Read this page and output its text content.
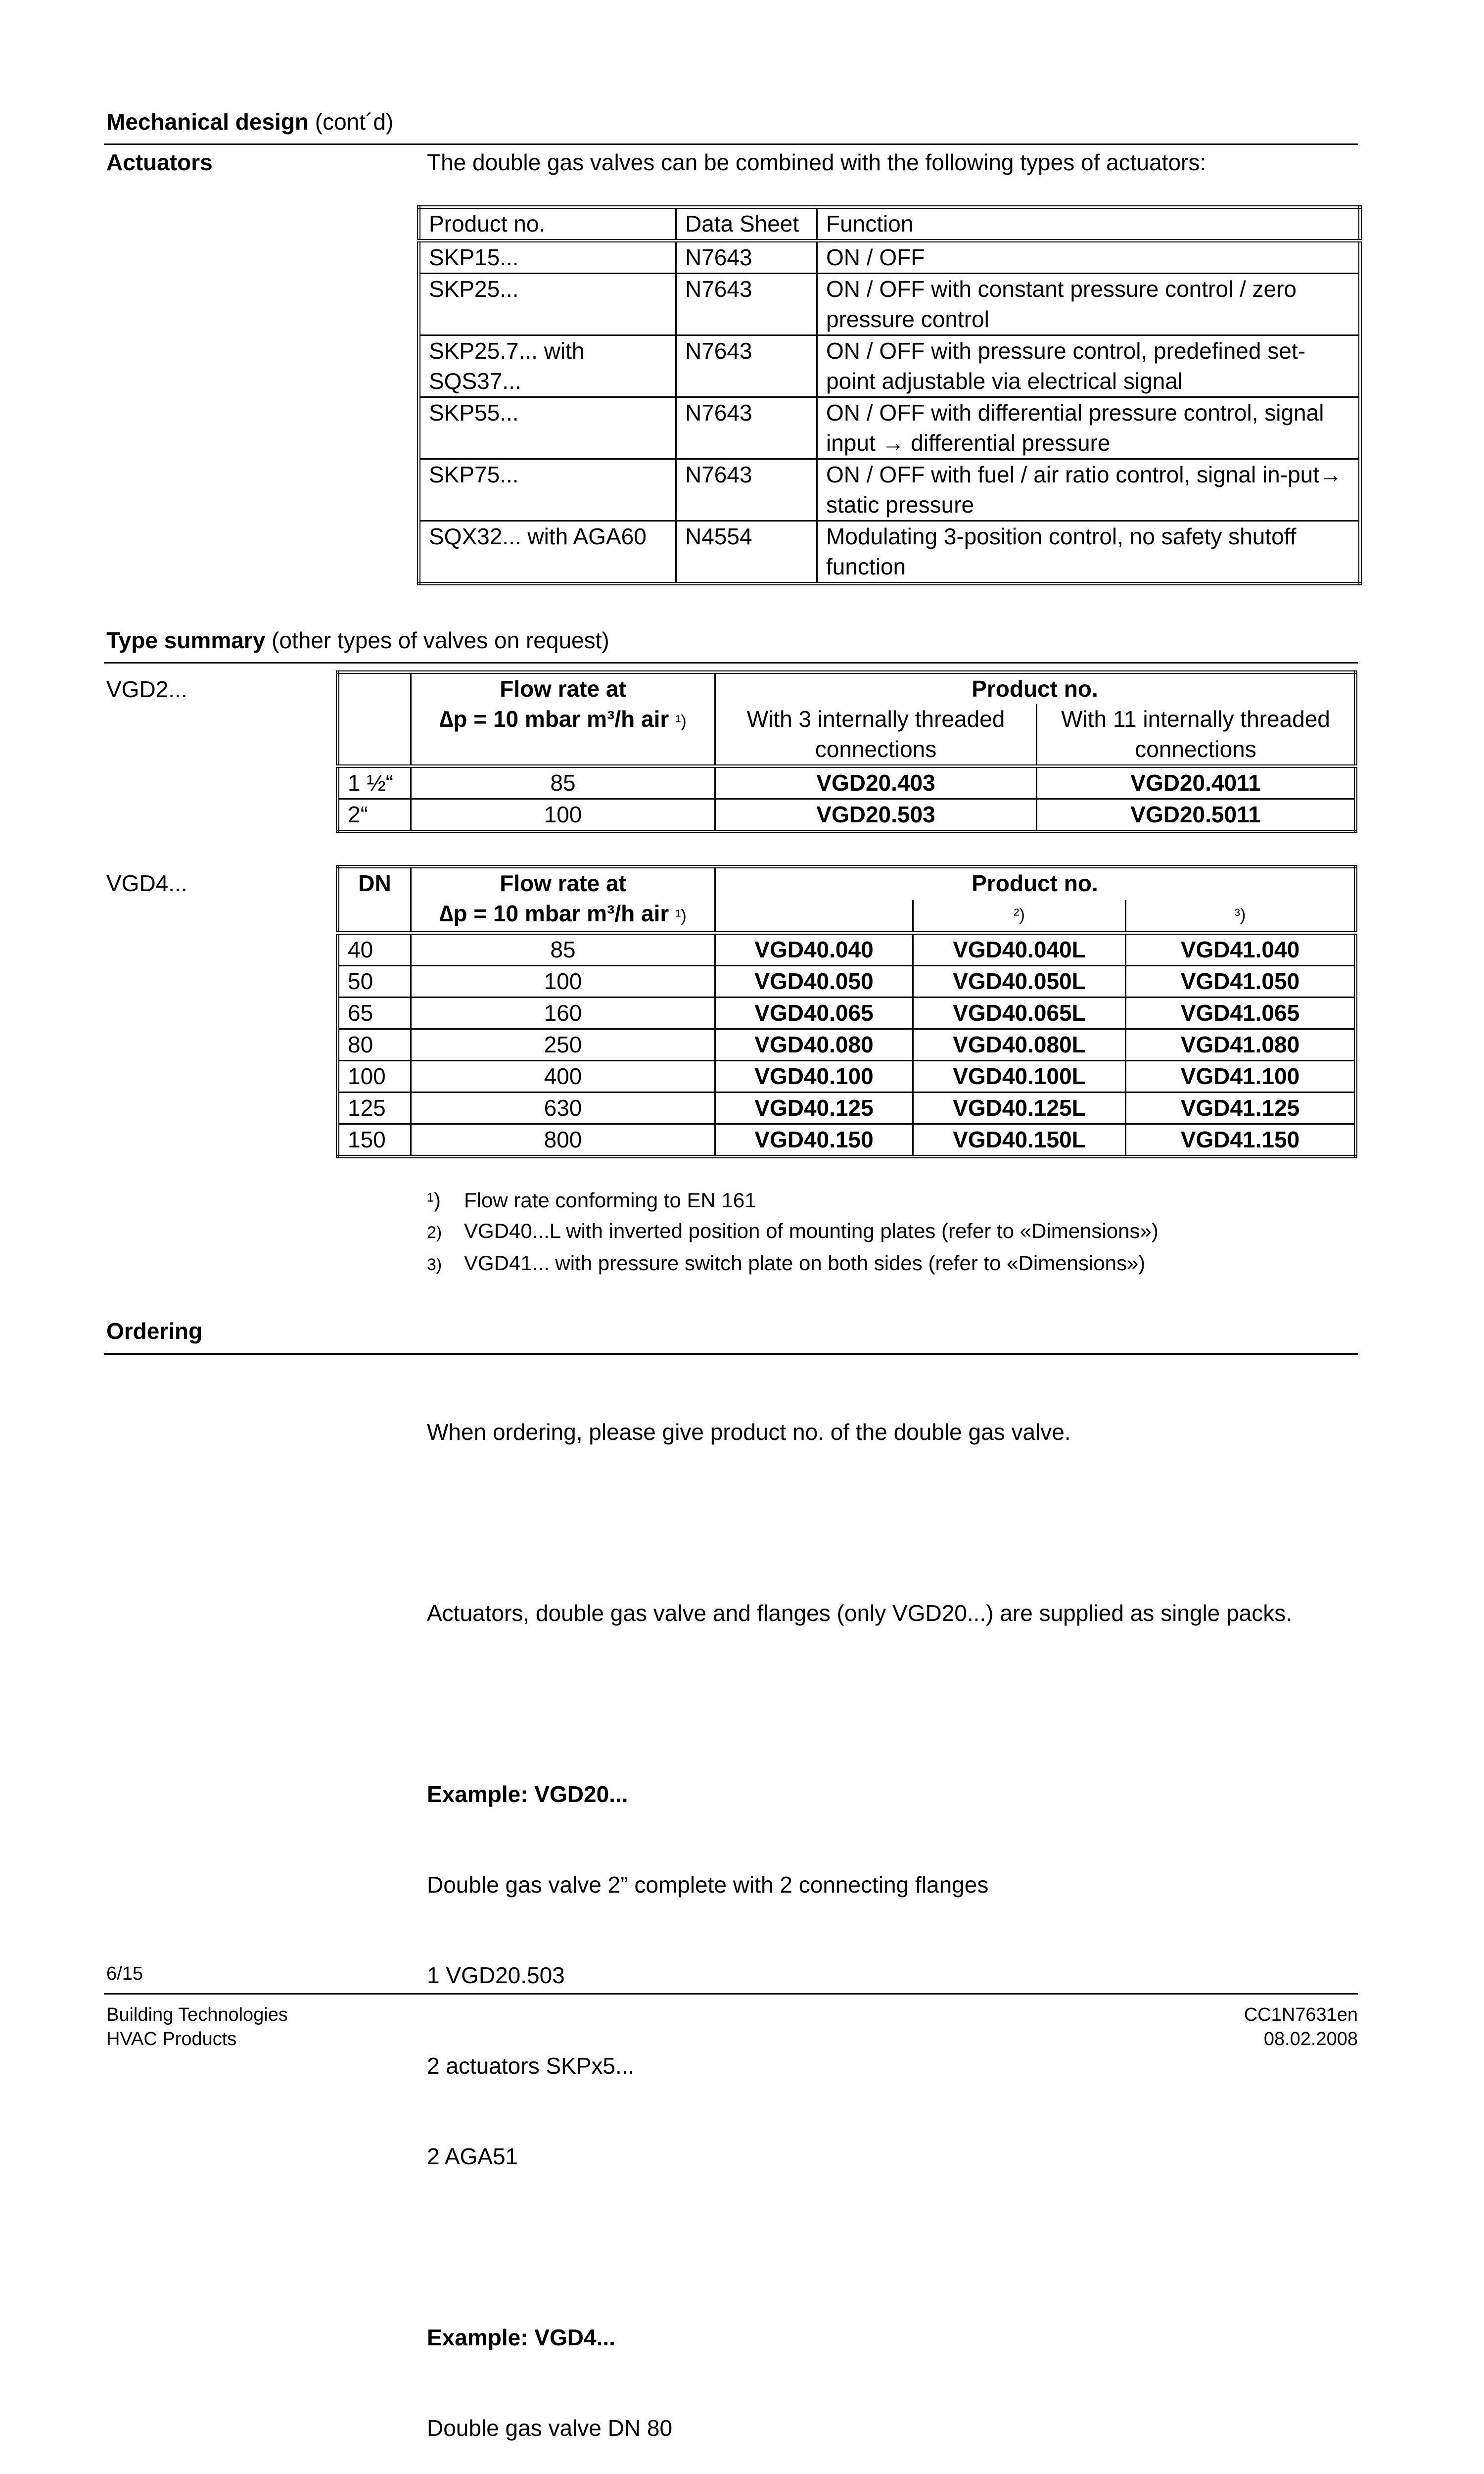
Mechanical design (cont´d)
Actuators	The double gas valves can be combined with the following types of actuators:
Product no.	Data Sheet	Function
SKP15...	N7643	ON / OFF
SKP25...	N7643	ON / OFF with constant pressure control / zero pressure control
SKP25.7... with SQS37...	N7643	ON / OFF with pressure control, predefined set-point adjustable via electrical signal
SKP55...	N7643	ON / OFF with differential pressure control, signal input → differential pressure
SKP75...	N7643	ON / OFF with fuel / air ratio control, signal in-put→ static pressure
SQX32... with AGA60	N4554	Modulating 3-position control, no safety shutoff function
Type summary (other types of valves on request)
VGD2...
		Flow rate at
∆p = 10 mbar m³/h air ¹)	Product no.	
		With 3 internally threaded connections	With 11 internally threaded connections
1 ½“	85	VGD20.403	VGD20.4011
2“	100	VGD20.503	VGD20.5011
VGD4...	DN	Flow rate at
∆p = 10 mbar m³/h air ¹)	Product no.		
			²)	³)
40	85	VGD40.040	VGD40.040L	VGD41.040
50	100	VGD40.050	VGD40.050L	VGD41.050
65	160	VGD40.065	VGD40.065L	VGD41.065
80	250	VGD40.080	VGD40.080L	VGD41.080
100	400	VGD40.100	VGD40.100L	VGD41.100
125	630	VGD40.125	VGD40.125L	VGD41.125
150	800	VGD40.150	VGD40.150L	VGD41.150
¹) Flow rate conforming to EN 161
2) VGD40...L with inverted position of mounting plates (refer to «Dimensions»)
3) VGD41... with pressure switch plate on both sides (refer to «Dimensions»)
Ordering

When ordering, please give product no. of the double gas valve.

Actuators, double gas valve and flanges (only VGD20...) are supplied as single packs.

Example: VGD20...

Double gas valve 2” complete with 2 connecting flanges

1 VGD20.503

2 actuators SKPx5...

2 AGA51

Example: VGD4...

Double gas valve DN 80

6/15
Building Technologies
HVAC Products
CC1N7631en
08.02.2008
